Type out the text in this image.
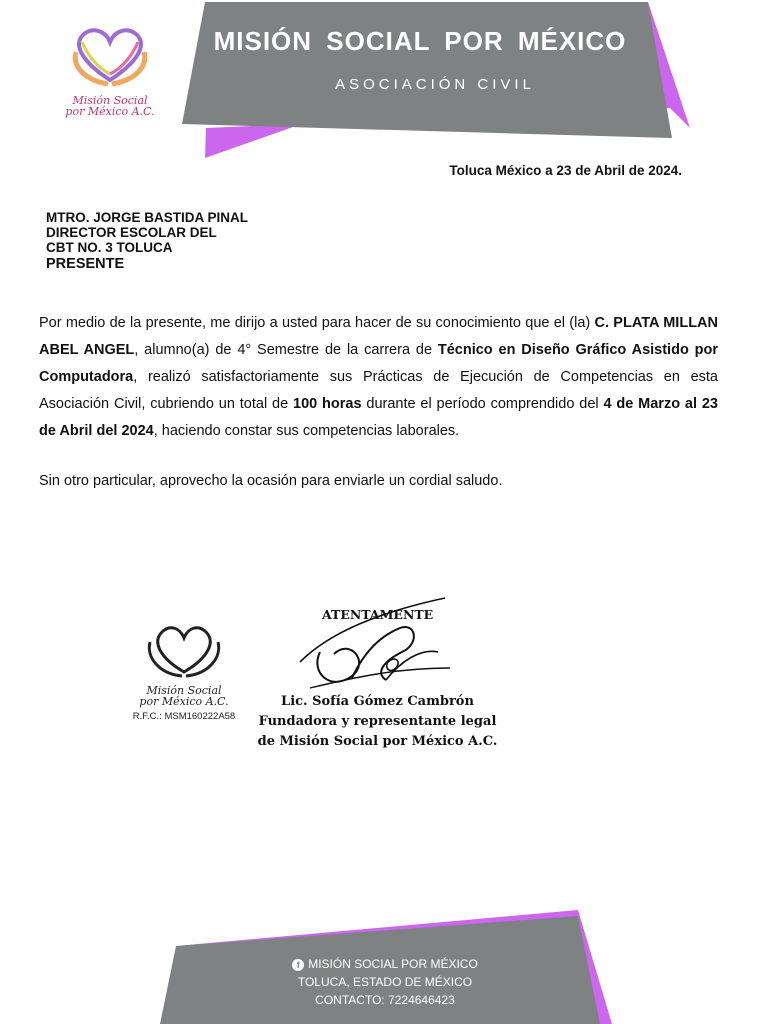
MISIÓN SOCIAL POR MÉXICO
ASOCIACIÓN CIVIL
Misión Social
por México A.C.
Toluca México a 23 de Abril de 2024.
MTRO. JORGE BASTIDA PINAL
DIRECTOR ESCOLAR DEL
CBT NO. 3 TOLUCA
PRESENTE
Por medio de la presente, me dirijo a usted para hacer de su conocimiento que el (la) C. PLATA MILLAN ABEL ANGEL, alumno(a) de 4° Semestre de la carrera de Técnico en Diseño Gráfico Asistido por Computadora, realizó satisfactoriamente sus Prácticas de Ejecución de Competencias en esta Asociación Civil, cubriendo un total de 100 horas durante el período comprendido del 4 de Marzo al 23 de Abril del 2024, haciendo constar sus competencias laborales.
Sin otro particular, aprovecho la ocasión para enviarle un cordial saludo.
Misión Social
por México A.C.
R.F.C.: MSM160222A58
ATENTAMENTE
Lic. Sofía Gómez Cambrón
Fundadora y representante legal
de Misión Social por México A.C.
f MISIÓN SOCIAL POR MÉXICO
TOLUCA, ESTADO DE MÉXICO
CONTACTO: 7224646423
